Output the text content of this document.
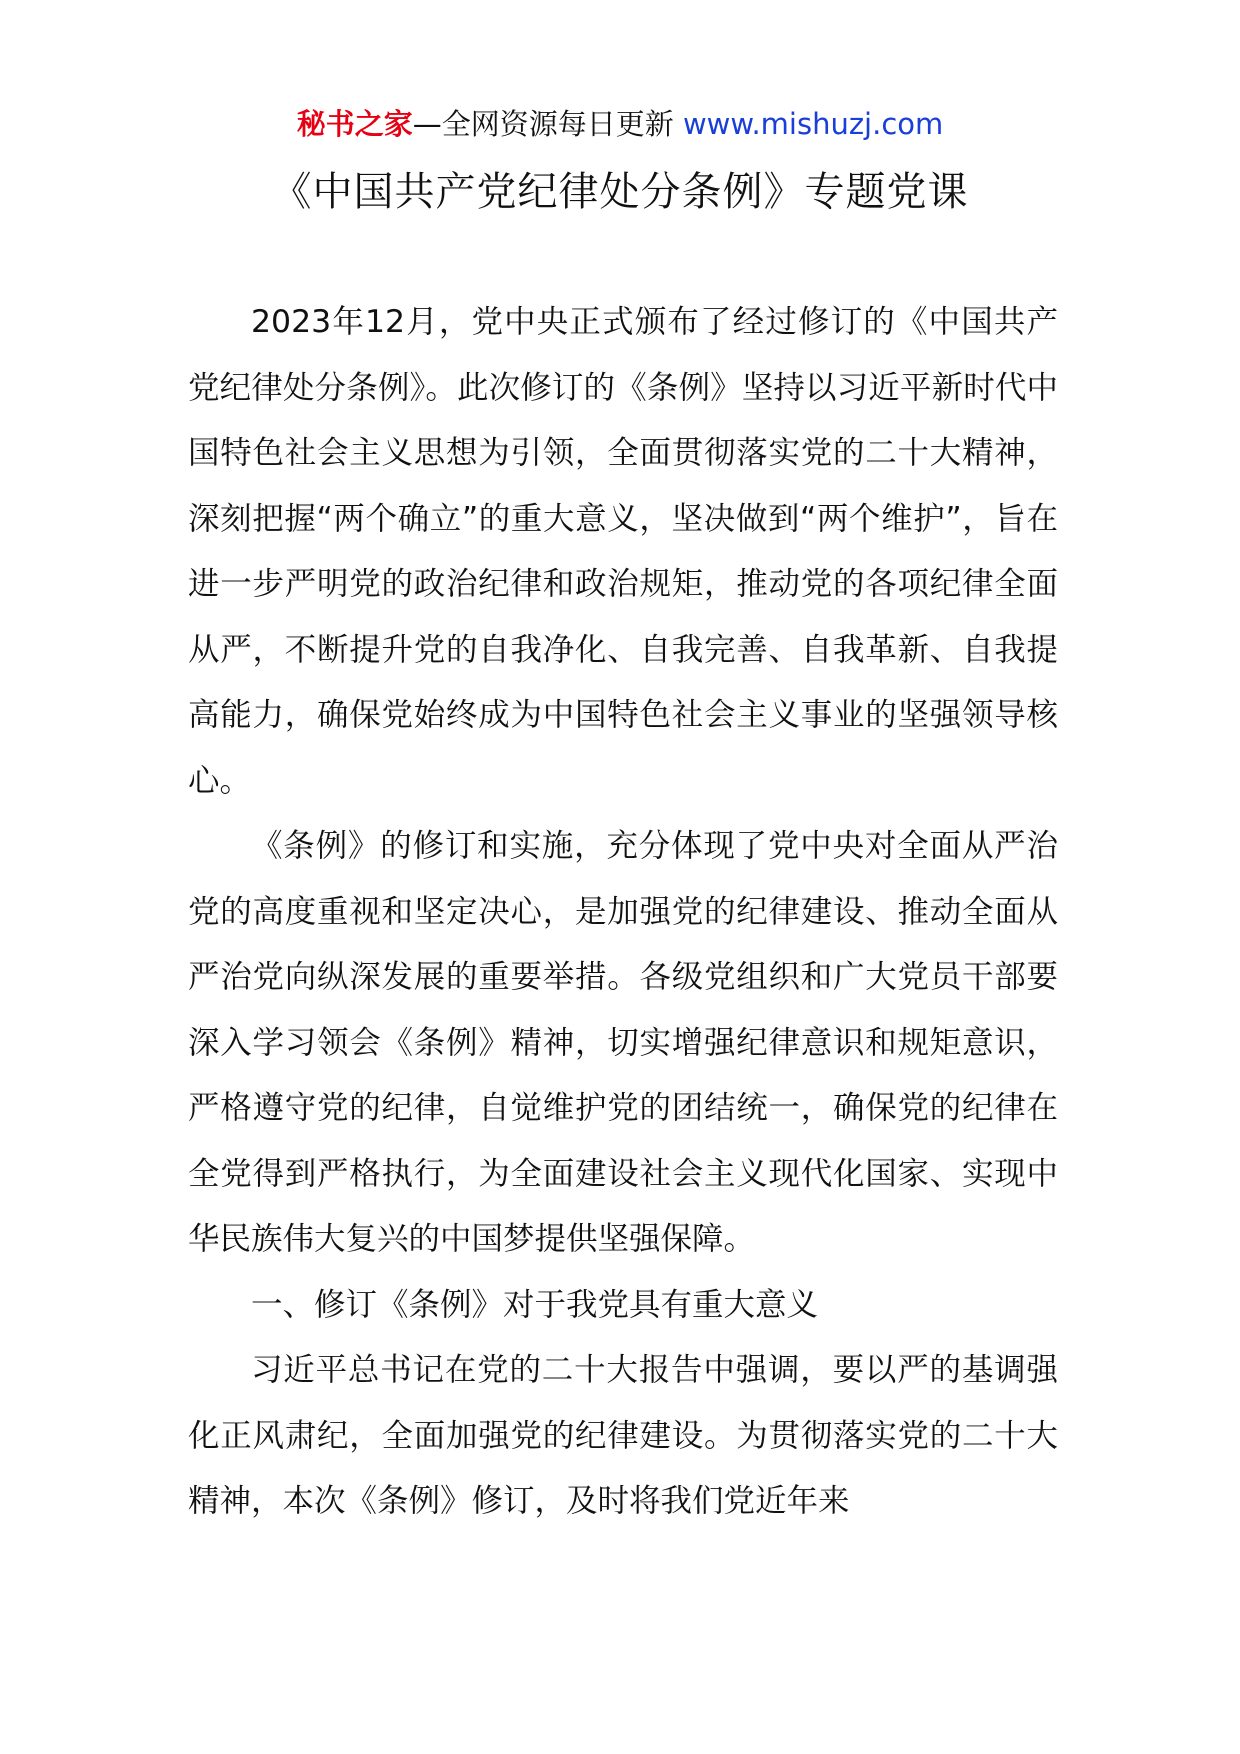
秘书之家—全网资源每日更新 www.mishuzj.com
《中国共产党纪律处分条例》专题党课

2023年12月，党中央正式颁布了经过修订的《中国共产党纪律处分条例》。此次修订的《条例》坚持以习近平新时代中国特色社会主义思想为引领，全面贯彻落实党的二十大精神，深刻把握“两个确立”的重大意义，坚决做到“两个维护”，旨在进一步严明党的政治纪律和政治规矩，推动党的各项纪律全面从严，不断提升党的自我净化、自我完善、自我革新、自我提高能力，确保党始终成为中国特色社会主义事业的坚强领导核心。

《条例》的修订和实施，充分体现了党中央对全面从严治党的高度重视和坚定决心，是加强党的纪律建设、推动全面从严治党向纵深发展的重要举措。各级党组织和广大党员干部要深入学习领会《条例》精神，切实增强纪律意识和规矩意识，严格遵守党的纪律，自觉维护党的团结统一，确保党的纪律在全党得到严格执行，为全面建设社会主义现代化国家、实现中华民族伟大复兴的中国梦提供坚强保障。

一、修订《条例》对于我党具有重大意义

习近平总书记在党的二十大报告中强调，要以严的基调强化正风肃纪，全面加强党的纪律建设。为贯彻落实党的二十大精神，本次《条例》修订，及时将我们党近年来
